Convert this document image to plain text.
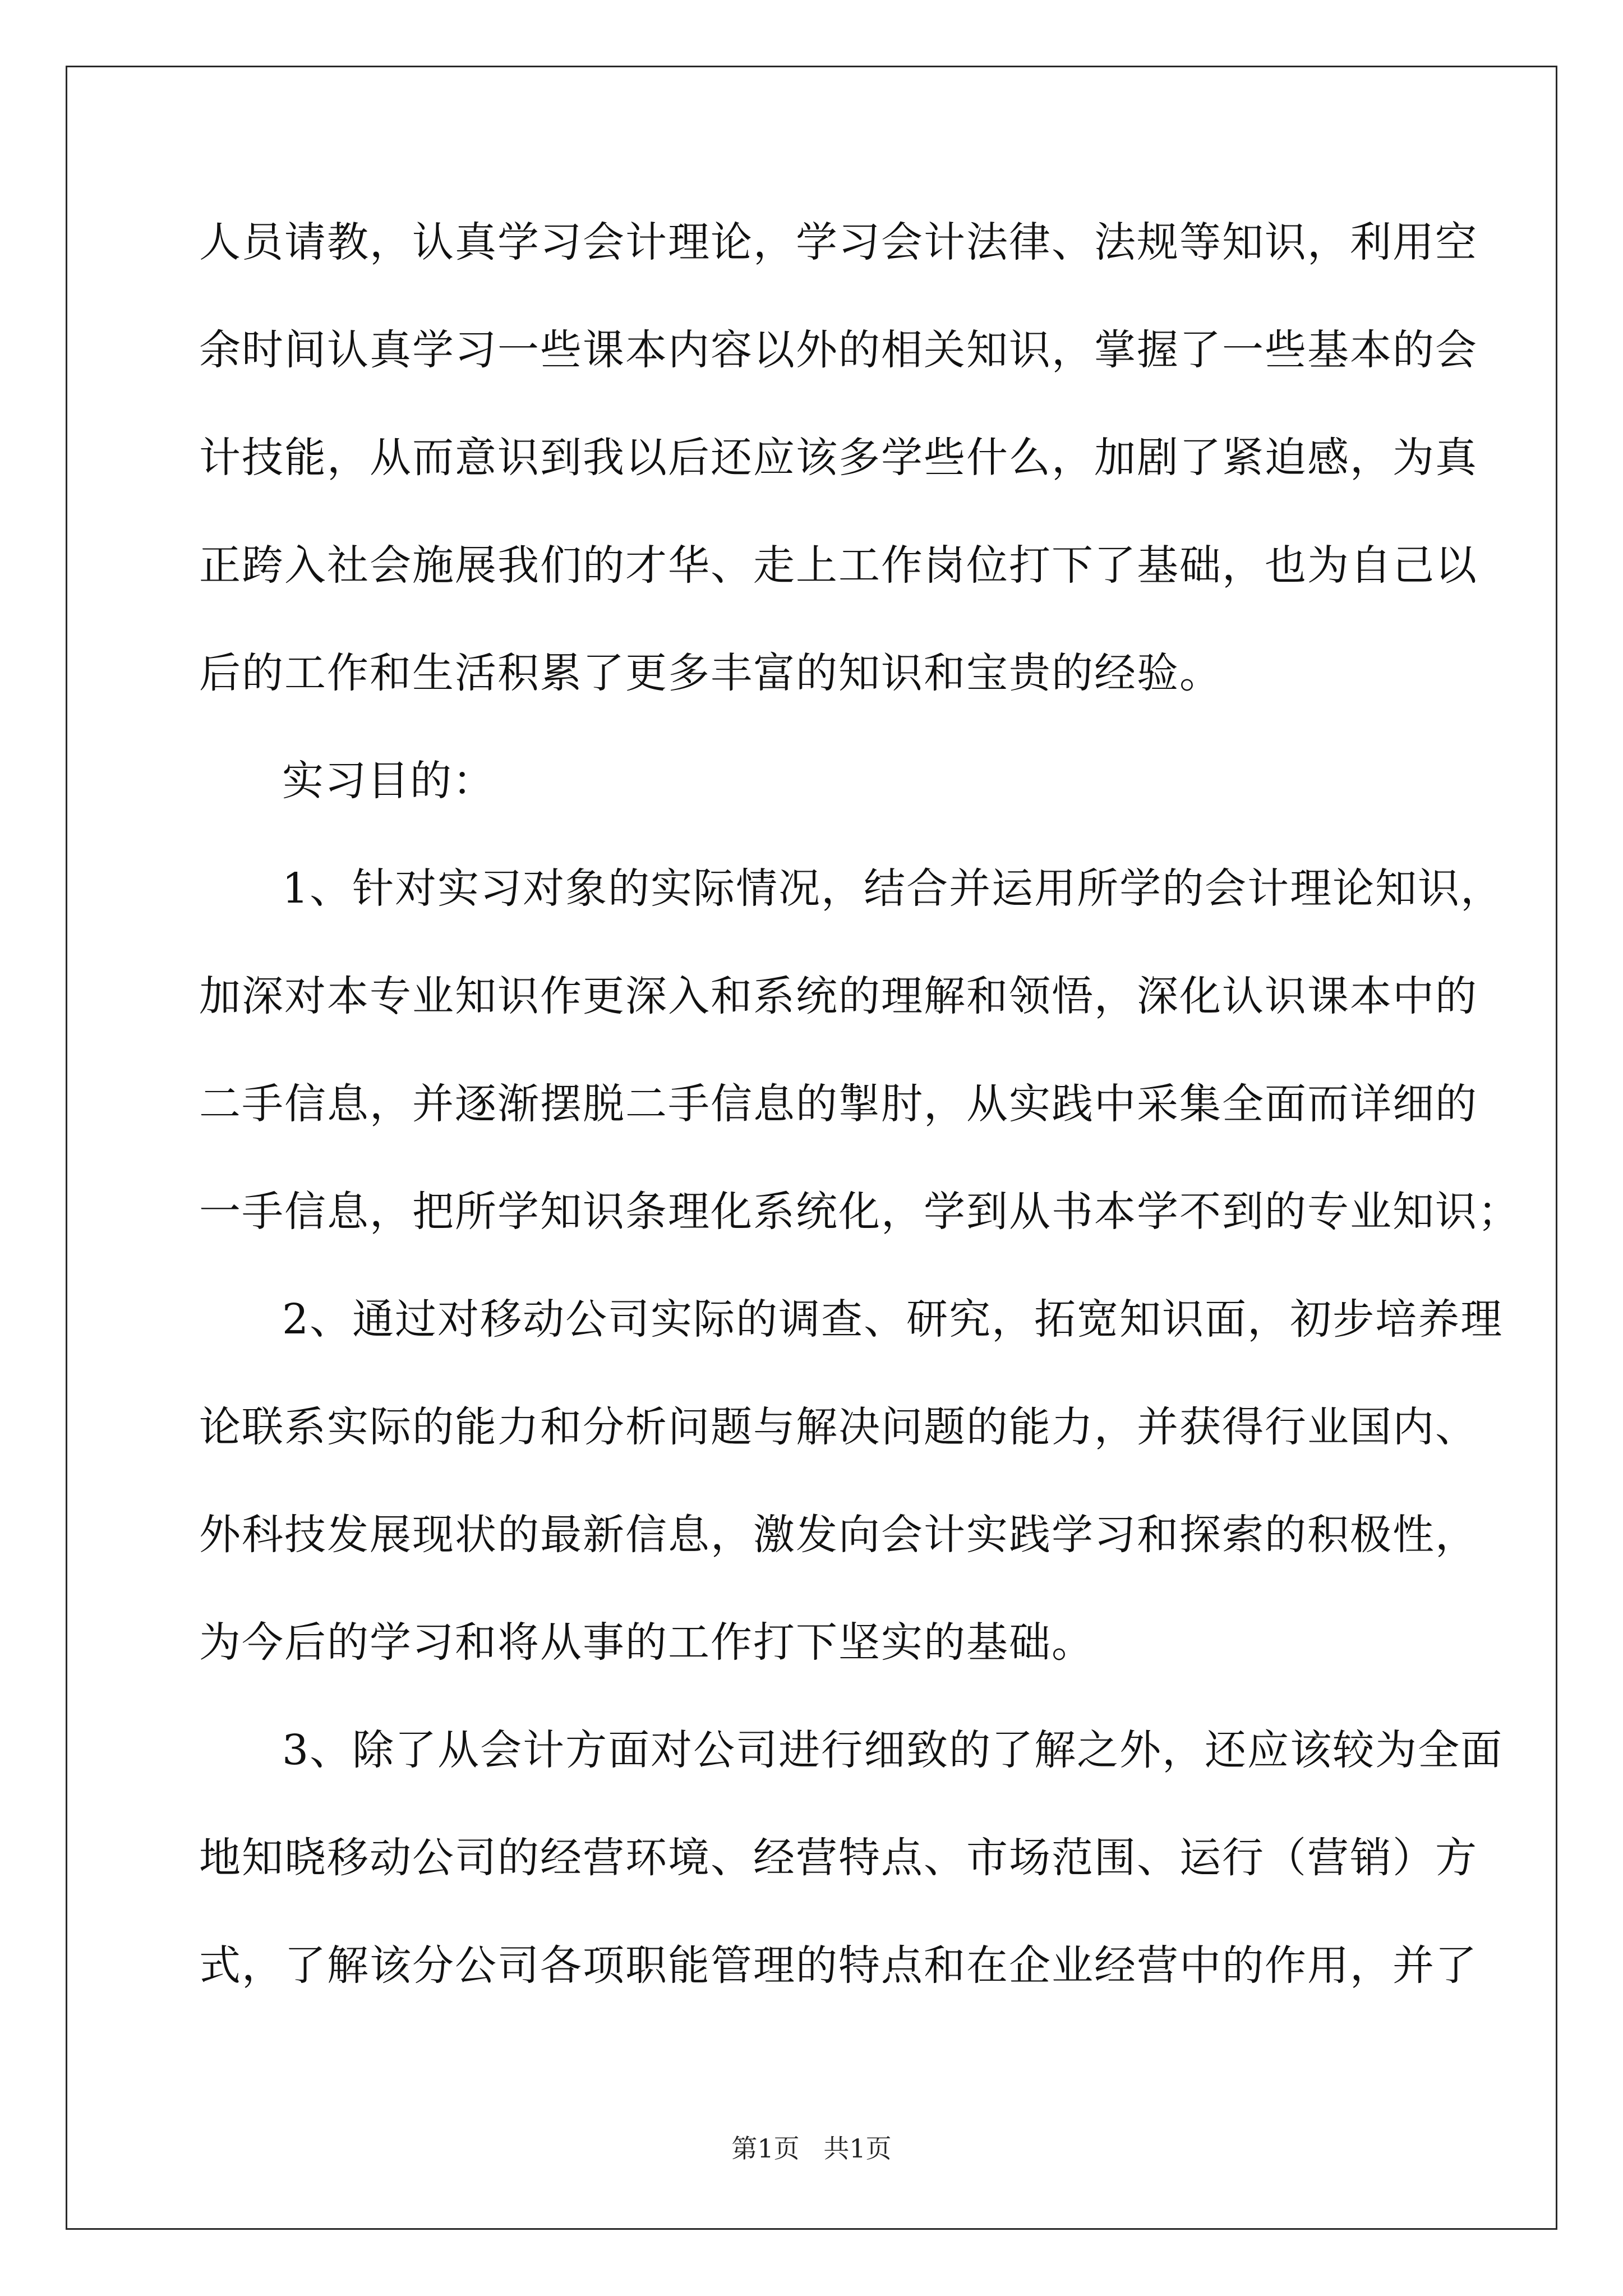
人员请教，认真学习会计理论，学习会计法律、法规等知识，利用空
余时间认真学习一些课本内容以外的相关知识，掌握了一些基本的会
计技能，从而意识到我以后还应该多学些什么，加剧了紧迫感，为真
正跨入社会施展我们的才华、走上工作岗位打下了基础，也为自己以
后的工作和生活积累了更多丰富的知识和宝贵的经验。
实习目的：
1、针对实习对象的实际情况，结合并运用所学的会计理论知识，
加深对本专业知识作更深入和系统的理解和领悟，深化认识课本中的
二手信息，并逐渐摆脱二手信息的掣肘，从实践中采集全面而详细的
一手信息，把所学知识条理化系统化，学到从书本学不到的专业知识；
2、通过对移动公司实际的调查、研究，拓宽知识面，初步培养理
论联系实际的能力和分析问题与解决问题的能力，并获得行业国内、
外科技发展现状的最新信息，激发向会计实践学习和探索的积极性，
为今后的学习和将从事的工作打下坚实的基础。
3、除了从会计方面对公司进行细致的了解之外，还应该较为全面
地知晓移动公司的经营环境、经营特点、市场范围、运行（营销）方
式，了解该分公司各项职能管理的特点和在企业经营中的作用，并了
第1页 共1页
